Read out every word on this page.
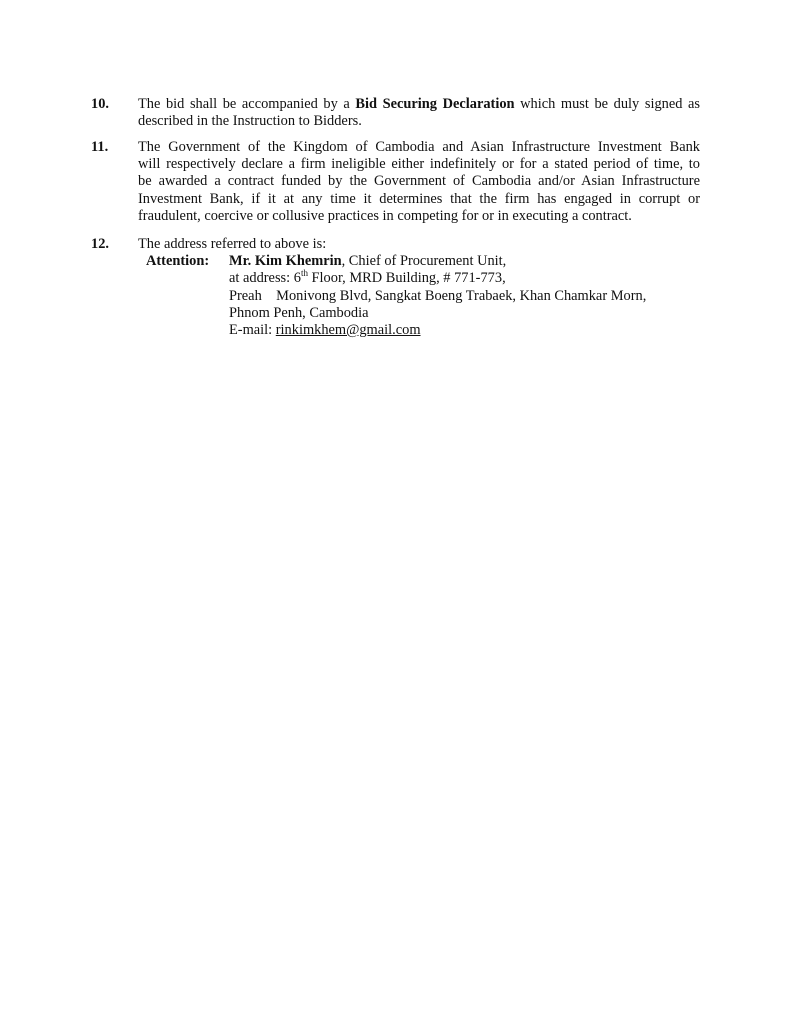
10. The bid shall be accompanied by a Bid Securing Declaration which must be duly signed as
described in the Instruction to Bidders.
11. The Government of the Kingdom of Cambodia and Asian Infrastructure Investment Bank
will respectively declare a firm ineligible either indefinitely or for a stated period of time, to
be awarded a contract funded by the Government of Cambodia and/or Asian Infrastructure
Investment Bank, if it at any time it determines that the firm has engaged in corrupt or
fraudulent, coercive or collusive practices in competing for or in executing a contract.
12. The address referred to above is:
Attention: Mr. Kim Khemrin, Chief of Procurement Unit,
at address: 6th Floor, MRD Building, # 771-773,
Preah    Monivong Blvd, Sangkat Boeng Trabaek, Khan Chamkar Morn,
Phnom Penh, Cambodia
E-mail: rinkimkhem@gmail.com
